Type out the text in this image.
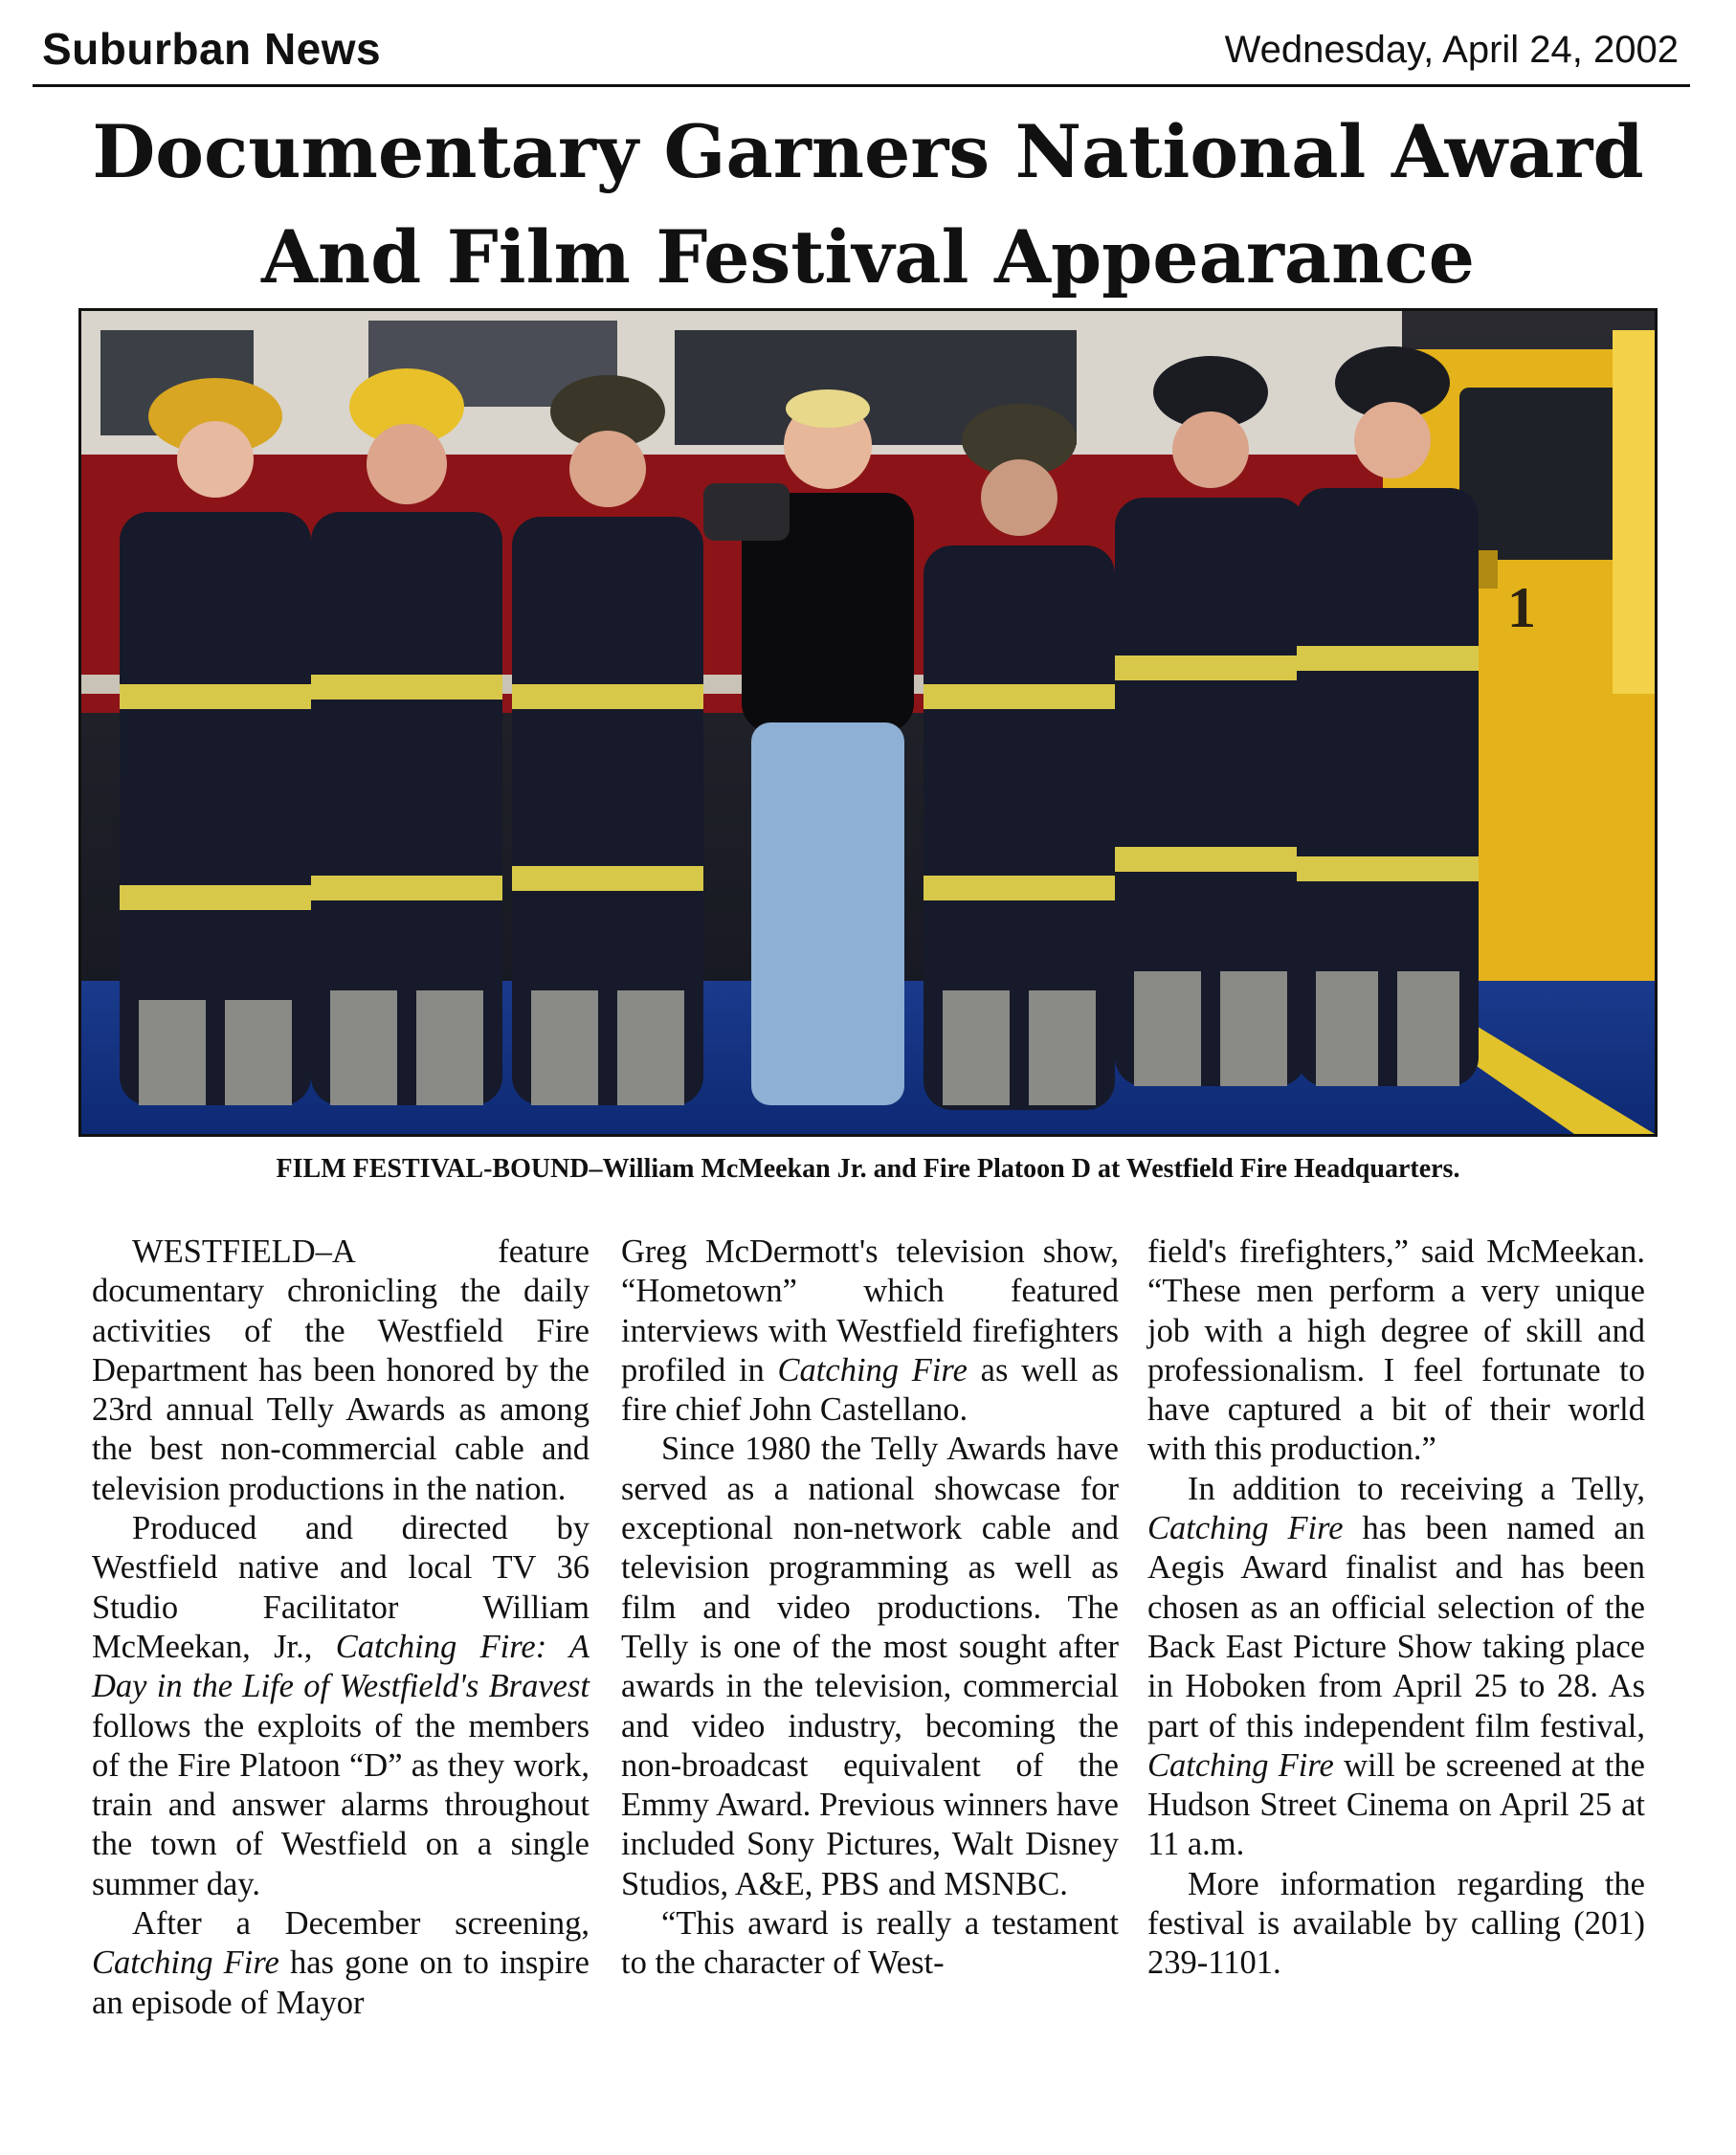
Suburban News	Wednesday, April 24, 2002
Documentary Garners National Award
And Film Festival Appearance
1
FILM FESTIVAL-BOUND–William McMeekan Jr. and Fire Platoon D at Westfield Fire Headquarters.

WESTFIELD–A feature documentary chronicling the daily activities of the Westfield Fire Department has been honored by the 23rd annual Telly Awards as among the best non-commercial cable and television productions in the nation.

Produced and directed by Westfield native and local TV 36 Studio Facilitator William McMeekan, Jr., Catching Fire: A Day in the Life of Westfield's Bravest follows the exploits of the members of the Fire Platoon “D” as they work, train and answer alarms throughout the town of Westfield on a single summer day.

After a December screening, Catching Fire has gone on to inspire an episode of Mayor

Greg McDermott's television show, “Hometown” which featured interviews with Westfield firefighters profiled in Catching Fire as well as fire chief John Castellano.

Since 1980 the Telly Awards have served as a national showcase for exceptional non-network cable and television programming as well as film and video productions. The Telly is one of the most sought after awards in the television, commercial and video industry, becoming the non-broadcast equivalent of the Emmy Award. Previous winners have included Sony Pictures, Walt Disney Studios, A&E, PBS and MSNBC.

“This award is really a testament to the character of West-

field's firefighters,” said McMeekan. “These men perform a very unique job with a high degree of skill and professionalism. I feel fortunate to have captured a bit of their world with this production.”

In addition to receiving a Telly, Catching Fire has been named an Aegis Award finalist and has been chosen as an official selection of the Back East Picture Show taking place in Hoboken from April 25 to 28. As part of this independent film festival, Catching Fire will be screened at the Hudson Street Cinema on April 25 at 11 a.m.

More information regarding the festival is available by calling (201) 239-1101.
